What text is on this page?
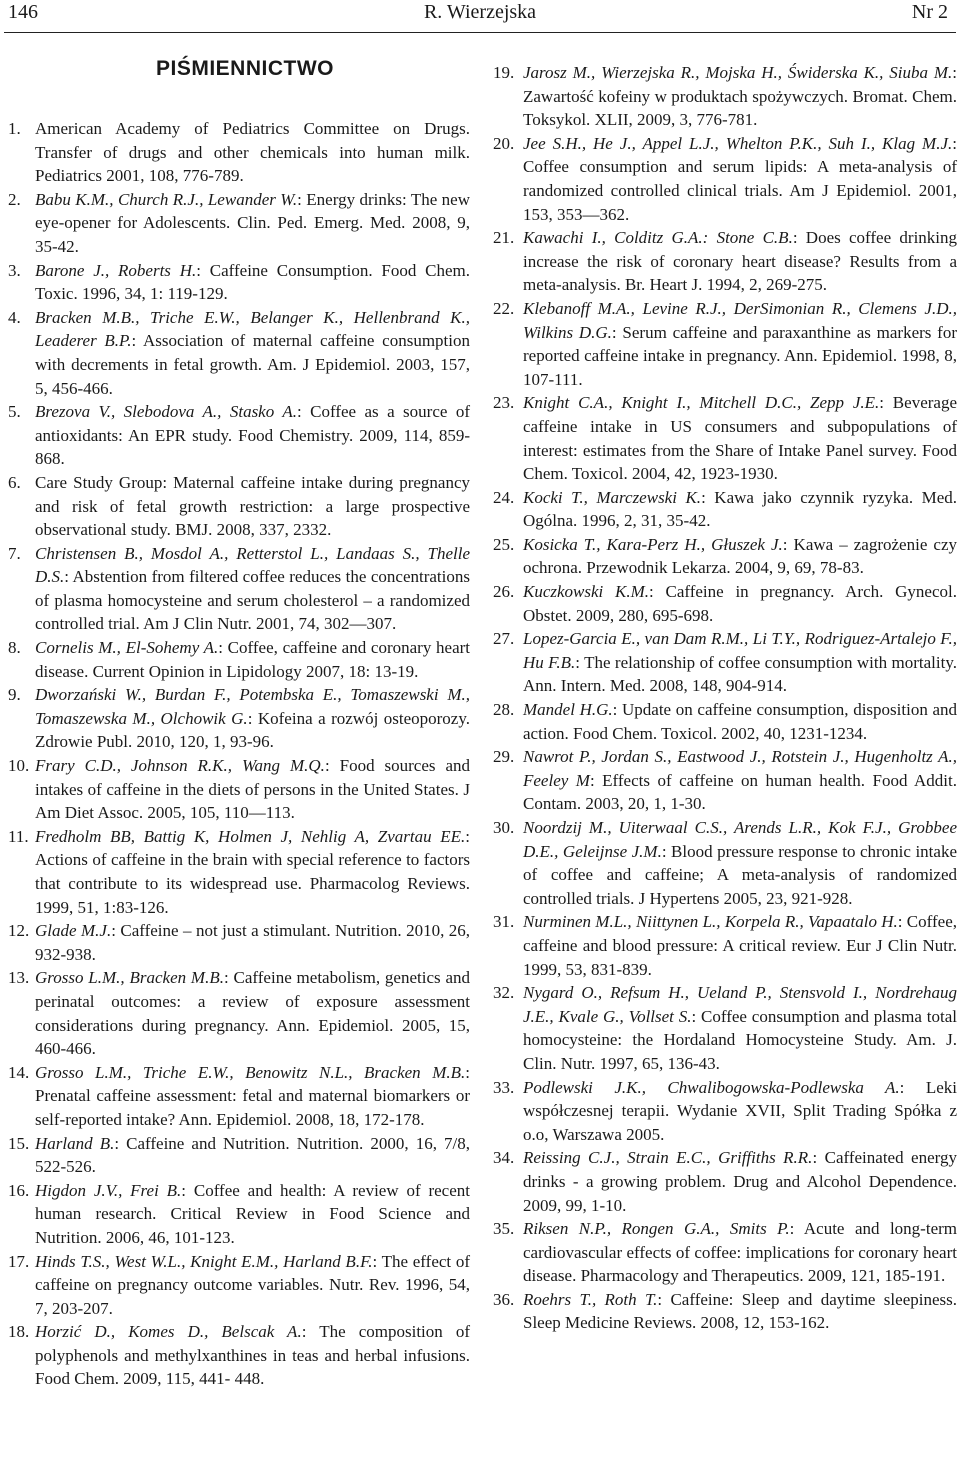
146	R. Wierzejska	Nr 2
PIŚMIENNICTWO
1. American Academy of Pediatrics Committee on Drugs. Transfer of drugs and other chemicals into human milk. Pediatrics 2001, 108, 776-789.
2. Babu K.M., Church R.J., Lewander W.: Energy drinks: The new eye-opener for Adolescents. Clin. Ped. Emerg. Med. 2008, 9, 35-42.
3. Barone J., Roberts H.: Caffeine Consumption. Food Chem. Toxic. 1996, 34, 1: 119-129.
4. Bracken M.B., Triche E.W., Belanger K., Hellenbrand K., Leaderer B.P.: Association of maternal caffeine consumption with decrements in fetal growth. Am. J Epidemiol. 2003, 157, 5, 456-466.
5. Brezova V., Slebodova A., Stasko A.: Coffee as a source of antioxidants: An EPR study. Food Chemistry. 2009, 114, 859-868.
6. Care Study Group: Maternal caffeine intake during pregnancy and risk of fetal growth restriction: a large prospective observational study. BMJ. 2008, 337, 2332.
7. Christensen B., Mosdol A., Retterstol L., Landaas S., Thelle D.S.: Abstention from filtered coffee reduces the concentrations of plasma homocysteine and serum cholesterol – a randomized controlled trial. Am J Clin Nutr. 2001, 74, 302—307.
8. Cornelis M., El-Sohemy A.: Coffee, caffeine and coronary heart disease. Current Opinion in Lipidology 2007, 18: 13-19.
9. Dworzański W., Burdan F., Potembska E., Tomaszewski M., Tomaszewska M., Olchowik G.: Kofeina a rozwój osteoporozy. Zdrowie Publ. 2010, 120, 1, 93-96.
10. Frary C.D., Johnson R.K., Wang M.Q.: Food sources and intakes of caffeine in the diets of persons in the United States. J Am Diet Assoc. 2005, 105, 110—113.
11. Fredholm BB, Battig K, Holmen J, Nehlig A, Zvartau EE.: Actions of caffeine in the brain with special reference to factors that contribute to its widespread use. Pharmacolog Reviews. 1999, 51, 1:83-126.
12. Glade M.J.: Caffeine – not just a stimulant. Nutrition. 2010, 26, 932-938.
13. Grosso L.M., Bracken M.B.: Caffeine metabolism, genetics and perinatal outcomes: a review of exposure assessment considerations during pregnancy. Ann. Epidemiol. 2005, 15, 460-466.
14. Grosso L.M., Triche E.W., Benowitz N.L., Bracken M.B.: Prenatal caffeine assessment: fetal and maternal biomarkers or self-reported intake? Ann. Epidemiol. 2008, 18, 172-178.
15. Harland B.: Caffeine and Nutrition. Nutrition. 2000, 16, 7/8, 522-526.
16. Higdon J.V., Frei B.: Coffee and health: A review of recent human research. Critical Review in Food Science and Nutrition. 2006, 46, 101-123.
17. Hinds T.S., West W.L., Knight E.M., Harland B.F.: The effect of caffeine on pregnancy outcome variables. Nutr. Rev. 1996, 54, 7, 203-207.
18. Horzić D., Komes D., Belscak A.: The composition of polyphenols and methylxanthines in teas and herbal infusions. Food Chem. 2009, 115, 441- 448.
19. Jarosz M., Wierzejska R., Mojska H., Świderska K., Siuba M.: Zawartość kofeiny w produktach spożywczych. Bromat. Chem. Toksykol. XLII, 2009, 3, 776-781.
20. Jee S.H., He J., Appel L.J., Whelton P.K., Suh I., Klag M.J.: Coffee consumption and serum lipids: A meta-analysis of randomized controlled clinical trials. Am J Epidemiol. 2001, 153, 353—362.
21. Kawachi I., Colditz G.A.: Stone C.B.: Does coffee drinking increase the risk of coronary heart disease? Results from a meta-analysis. Br. Heart J. 1994, 2, 269-275.
22. Klebanoff M.A., Levine R.J., DerSimonian R., Clemens J.D., Wilkins D.G.: Serum caffeine and paraxanthine as markers for reported caffeine intake in pregnancy. Ann. Epidemiol. 1998, 8, 107-111.
23. Knight C.A., Knight I., Mitchell D.C., Zepp J.E.: Beverage caffeine intake in US consumers and subpopulations of interest: estimates from the Share of Intake Panel survey. Food Chem. Toxicol. 2004, 42, 1923-1930.
24. Kocki T., Marczewski K.: Kawa jako czynnik ryzyka. Med. Ogólna. 1996, 2, 31, 35-42.
25. Kosicka T., Kara-Perz H., Głuszek J.: Kawa – zagrożenie czy ochrona. Przewodnik Lekarza. 2004, 9, 69, 78-83.
26. Kuczkowski K.M.: Caffeine in pregnancy. Arch. Gynecol. Obstet. 2009, 280, 695-698.
27. Lopez-Garcia E., van Dam R.M., Li T.Y., Rodriguez-Artalejo F., Hu F.B.: The relationship of coffee consumption with mortality. Ann. Intern. Med. 2008, 148, 904-914.
28. Mandel H.G.: Update on caffeine consumption, disposition and action. Food Chem. Toxicol. 2002, 40, 1231-1234.
29. Nawrot P., Jordan S., Eastwood J., Rotstein J., Hugenholtz A., Feeley M: Effects of caffeine on human health. Food Addit. Contam. 2003, 20, 1, 1-30.
30. Noordzij M., Uiterwaal C.S., Arends L.R., Kok F.J., Grobbee D.E., Geleijnse J.M.: Blood pressure response to chronic intake of coffee and caffeine; A meta-analysis of randomized controlled trials. J Hypertens 2005, 23, 921-928.
31. Nurminen M.L., Niittynen L., Korpela R., Vapaatalo H.: Coffee, caffeine and blood pressure: A critical review. Eur J Clin Nutr. 1999, 53, 831-839.
32. Nygard O., Refsum H., Ueland P., Stensvold I., Nordrehaug J.E., Kvale G., Vollset S.: Coffee consumption and plasma total homocysteine: the Hordaland Homocysteine Study. Am. J. Clin. Nutr. 1997, 65, 136-43.
33. Podlewski J.K., Chwalibogowska-Podlewska A.: Leki współczesnej terapii. Wydanie XVII, Split Trading Spółka z o.o, Warszawa 2005.
34. Reissing C.J., Strain E.C., Griffiths R.R.: Caffeinated energy drinks - a growing problem. Drug and Alcohol Dependence. 2009, 99, 1-10.
35. Riksen N.P., Rongen G.A., Smits P.: Acute and long-term cardiovascular effects of coffee: implications for coronary heart disease. Pharmacology and Therapeutics. 2009, 121, 185-191.
36. Roehrs T., Roth T.: Caffeine: Sleep and daytime sleepiness. Sleep Medicine Reviews. 2008, 12, 153-162.
